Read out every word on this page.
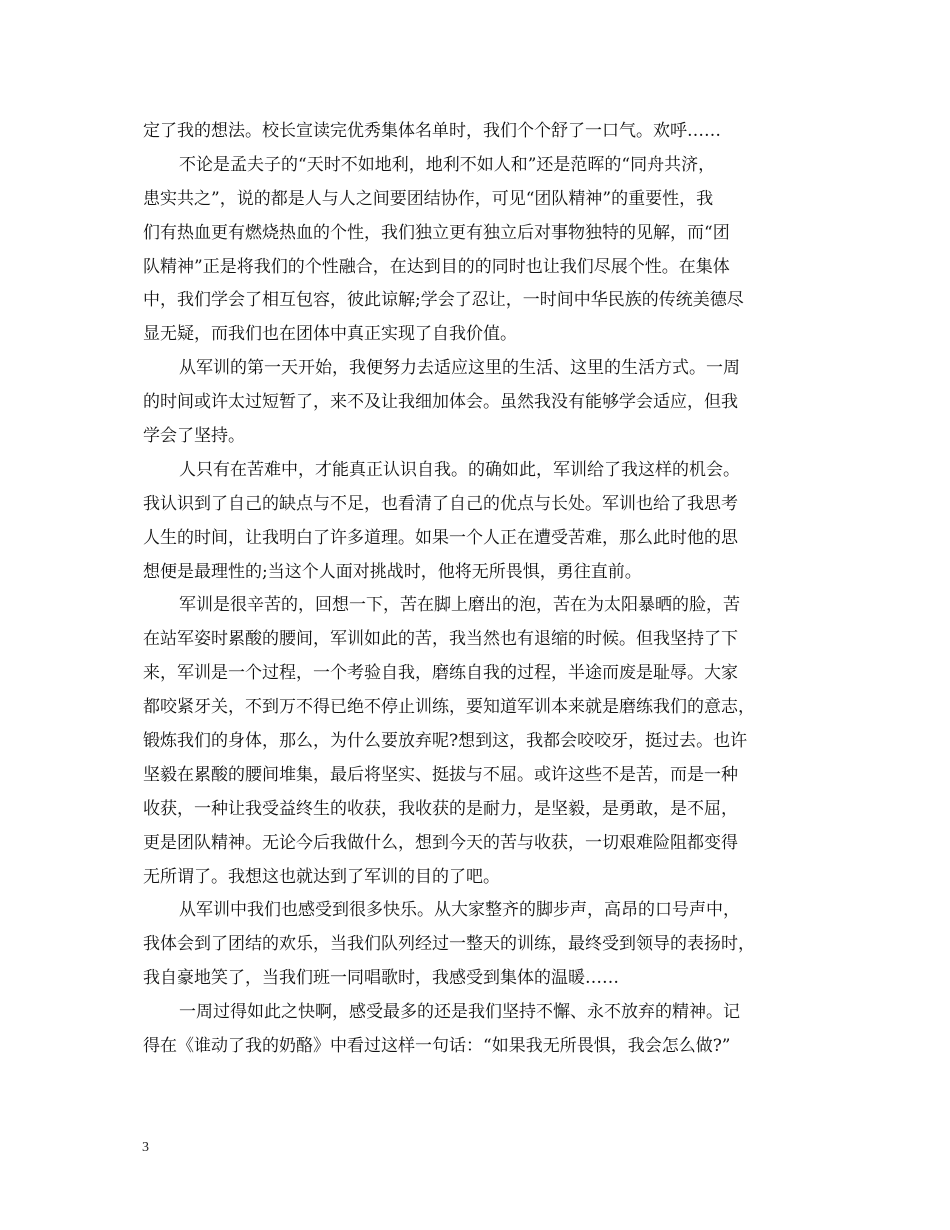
定了我的想法。校长宣读完优秀集体名单时，我们个个舒了一口气。欢呼……
不论是孟夫子的“天时不如地利，地利不如人和”还是范晖的“同舟共济，
患实共之”，说的都是人与人之间要团结协作，可见“团队精神”的重要性，我
们有热血更有燃烧热血的个性，我们独立更有独立后对事物独特的见解，而“团
队精神”正是将我们的个性融合，在达到目的的同时也让我们尽展个性。在集体
中，我们学会了相互包容，彼此谅解;学会了忍让，一时间中华民族的传统美德尽
显无疑，而我们也在团体中真正实现了自我价值。
从军训的第一天开始，我便努力去适应这里的生活、这里的生活方式。一周
的时间或许太过短暂了，来不及让我细加体会。虽然我没有能够学会适应，但我
学会了坚持。
人只有在苦难中，才能真正认识自我。的确如此，军训给了我这样的机会。
我认识到了自己的缺点与不足，也看清了自己的优点与长处。军训也给了我思考
人生的时间，让我明白了许多道理。如果一个人正在遭受苦难，那么此时他的思
想便是最理性的;当这个人面对挑战时，他将无所畏惧，勇往直前。
军训是很辛苦的，回想一下，苦在脚上磨出的泡，苦在为太阳暴晒的脸，苦
在站军姿时累酸的腰间，军训如此的苦，我当然也有退缩的时候。但我坚持了下
来，军训是一个过程，一个考验自我，磨练自我的过程，半途而废是耻辱。大家
都咬紧牙关，不到万不得已绝不停止训练，要知道军训本来就是磨练我们的意志，
锻炼我们的身体，那么，为什么要放弃呢?想到这，我都会咬咬牙，挺过去。也许
坚毅在累酸的腰间堆集，最后将坚实、挺拔与不屈。或许这些不是苦，而是一种
收获，一种让我受益终生的收获，我收获的是耐力，是坚毅，是勇敢，是不屈，
更是团队精神。无论今后我做什么，想到今天的苦与收获，一切艰难险阻都变得
无所谓了。我想这也就达到了军训的目的了吧。
从军训中我们也感受到很多快乐。从大家整齐的脚步声，高昂的口号声中，
我体会到了团结的欢乐，当我们队列经过一整天的训练，最终受到领导的表扬时，
我自豪地笑了，当我们班一同唱歌时，我感受到集体的温暖……
一周过得如此之快啊，感受最多的还是我们坚持不懈、永不放弃的精神。记
得在《谁动了我的奶酪》中看过这样一句话：“如果我无所畏惧，我会怎么做?”
3
